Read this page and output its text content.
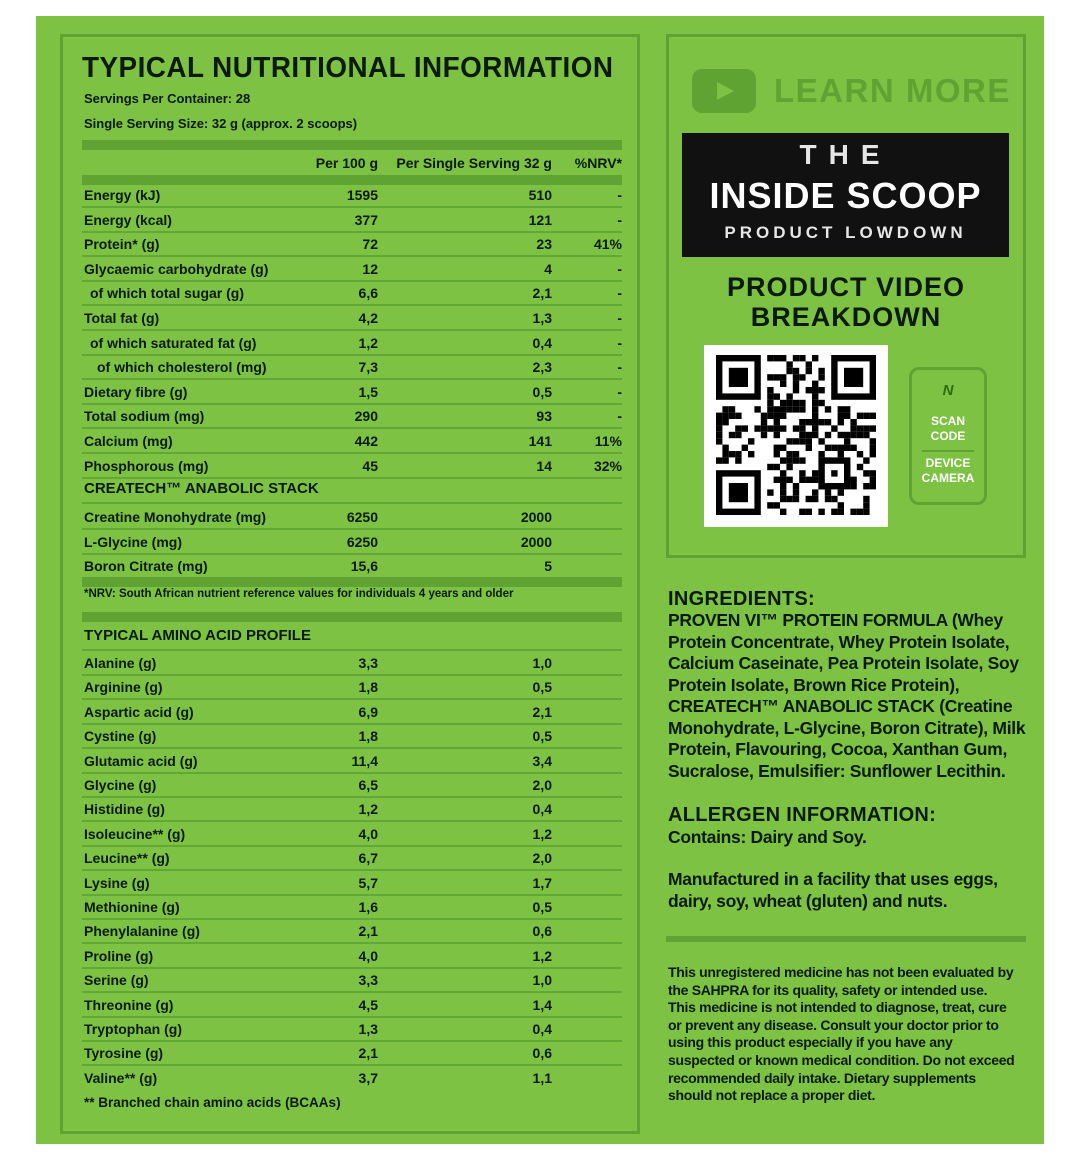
TYPICAL NUTRITIONAL INFORMATION
Servings Per Container: 28
Single Serving Size: 32 g (approx. 2 scoops)
Per 100 g Per Single Serving 32 g %NRV*
Energy (kJ)	1595	510	-
Energy (kcal)	377	121	-
Protein* (g)	72	23	41%
Glycaemic carbohydrate (g)	12	4	-
of which total sugar (g)	6,6	2,1	-
Total fat (g)	4,2	1,3	-
of which saturated fat (g)	1,2	0,4	-
of which cholesterol (mg)	7,3	2,3	-
Dietary fibre (g)	1,5	0,5	-
Total sodium (mg)	290	93	-
Calcium (mg)	442	141	11%
Phosphorous (mg)	45	14	32%
CREATECH™ ANABOLIC STACK
Creatine Monohydrate (mg)	6250	2000
L-Glycine (mg)	6250	2000
Boron Citrate (mg)	15,6	5
*NRV: South African nutrient reference values for individuals 4 years and older
TYPICAL AMINO ACID PROFILE
Alanine (g)	3,3	1,0
Arginine (g)	1,8	0,5
Aspartic acid (g)	6,9	2,1
Cystine (g)	1,8	0,5
Glutamic acid (g)	11,4	3,4
Glycine (g)	6,5	2,0
Histidine (g)	1,2	0,4
Isoleucine** (g)	4,0	1,2
Leucine** (g)	6,7	2,0
Lysine (g)	5,7	1,7
Methionine (g)	1,6	0,5
Phenylalanine (g)	2,1	0,6
Proline (g)	4,0	1,2
Serine (g)	3,3	1,0
Threonine (g)	4,5	1,4
Tryptophan (g)	1,3	0,4
Tyrosine (g)	2,1	0,6
Valine** (g)	3,7	1,1
** Branched chain amino acids (BCAAs)
LEARN MORE
THE
INSIDE SCOOP
PRODUCT LOWDOWN
PRODUCT VIDEO
BREAKDOWN
N
SCAN
CODE
DEVICE
CAMERA
INGREDIENTS:
PROVEN VI™ PROTEIN FORMULA (Whey Protein Concentrate, Whey Protein Isolate, Calcium Caseinate, Pea Protein Isolate, Soy Protein Isolate, Brown Rice Protein), CREATECH™ ANABOLIC STACK (Creatine Monohydrate, L-Glycine, Boron Citrate), Milk Protein, Flavouring, Cocoa, Xanthan Gum, Sucralose, Emulsifier: Sunflower Lecithin.
ALLERGEN INFORMATION:
Contains: Dairy and Soy.
Manufactured in a facility that uses eggs, dairy, soy, wheat (gluten) and nuts.
This unregistered medicine has not been evaluated by the SAHPRA for its quality, safety or intended use. This medicine is not intended to diagnose, treat, cure or prevent any disease. Consult your doctor prior to using this product especially if you have any suspected or known medical condition. Do not exceed recommended daily intake. Dietary supplements should not replace a proper diet.
